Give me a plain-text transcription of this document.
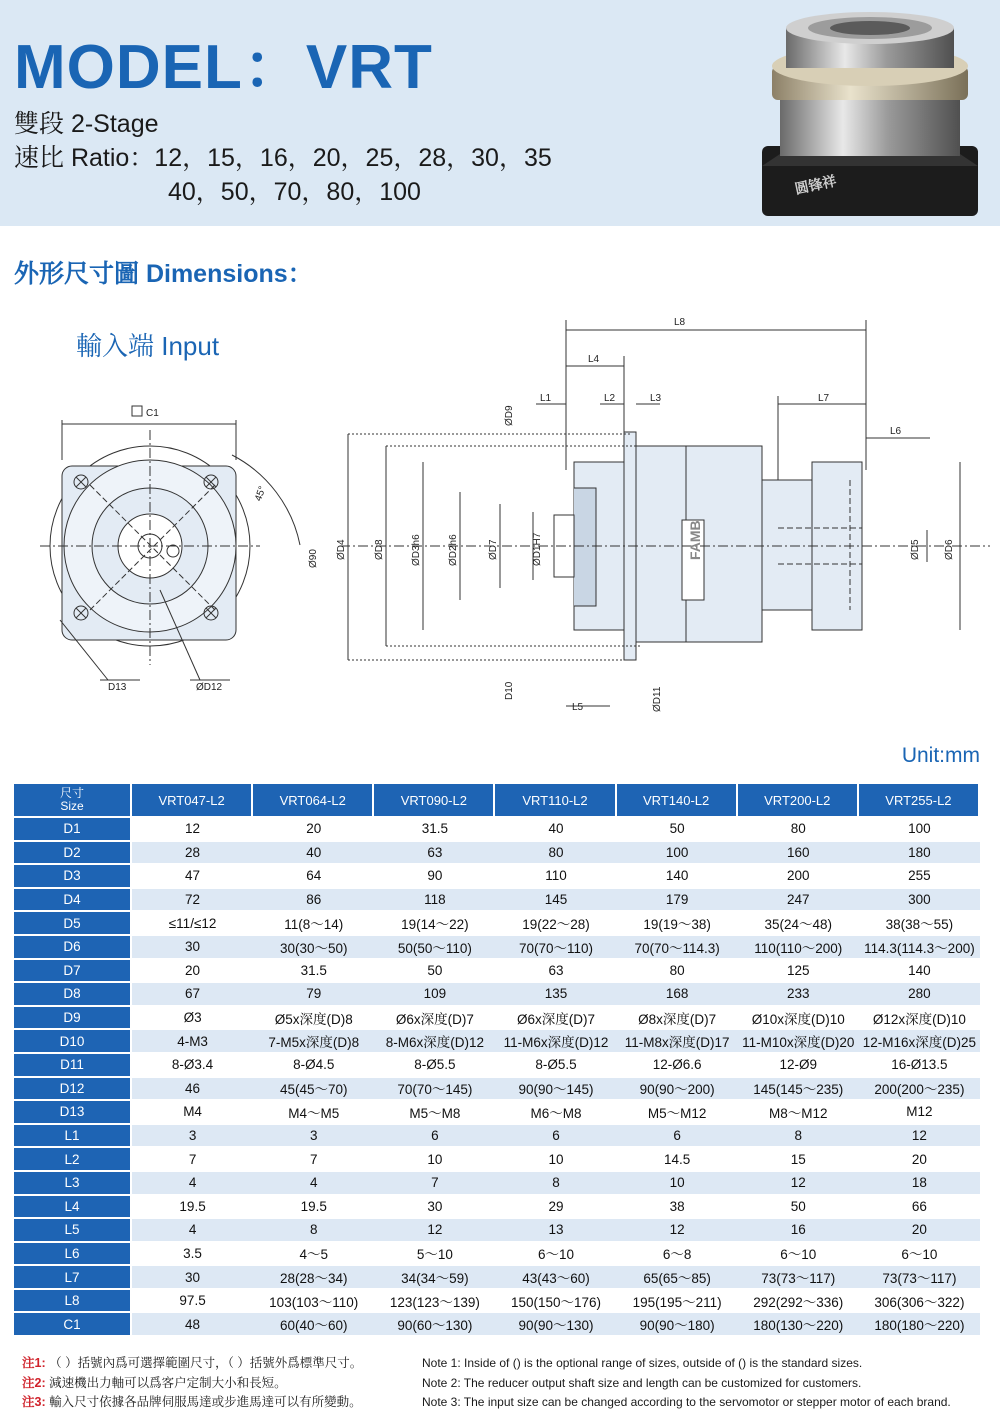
MODEL：VRT
雙段 2-Stage
速比 Ratio：12，15，16，20，25，28，30，35
40，50，70，80，100	圆锋祥
外形尺寸圖 Dimensions：
輸入端 Input
C1
D13	ØD12
45°
Ø90 ØD4	ØD8	ØD3h6	ØD2h6	ØD7	ØD1H7
ØD9
D10	ØD11
ØD5 ØD6
L1	L2	L3
L4
L5
L6
L7
L8
FAMB
Unit:mm
尺寸
Size	VRT047-L2	VRT064-L2	VRT090-L2	VRT110-L2	VRT140-L2	VRT200-L2	VRT255-L2
D1	12	20	31.5	40	50	80	100
D2	28	40	63	80	100	160	180
D3	47	64	90	110	140	200	255
D4	72	86	118	145	179	247	300
D5	≤11/≤12	11(8～14)	19(14～22)	19(22～28)	19(19～38)	35(24～48)	38(38～55)
D6	30	30(30～50)	50(50～110)	70(70～110)	70(70～114.3)	110(110～200)	114.3(114.3～200)
D7	20	31.5	50	63	80	125	140
D8	67	79	109	135	168	233	280
D9	Ø3	Ø5x深度(D)8	Ø6x深度(D)7	Ø6x深度(D)7	Ø8x深度(D)7	Ø10x深度(D)10	Ø12x深度(D)10
D10	4-M3	7-M5x深度(D)8	8-M6x深度(D)12	11-M6x深度(D)12	11-M8x深度(D)17	11-M10x深度(D)20	12-M16x深度(D)25
D11	8-Ø3.4	8-Ø4.5	8-Ø5.5	8-Ø5.5	12-Ø6.6	12-Ø9	16-Ø13.5
D12	46	45(45～70)	70(70～145)	90(90～145)	90(90～200)	145(145～235)	200(200～235)
D13	M4	M4～M5	M5～M8	M6～M8	M5～M12	M8～M12	M12
L1	3	3	6	6	6	8	12
L2	7	7	10	10	14.5	15	20
L3	4	4	7	8	10	12	18
L4	19.5	19.5	30	29	38	50	66
L5	4	8	12	13	12	16	20
L6	3.5	4～5	5～10	6～10	6～8	6～10	6～10
L7	30	28(28～34)	34(34～59)	43(43～60)	65(65～85)	73(73～117)	73(73～117)
L8	97.5	103(103～110)	123(123～139)	150(150～176)	195(195～211)	292(292～336)	306(306～322)
C1	48	60(40～60)	90(60～130)	90(90～130)	90(90～180)	180(130～220)	180(180～220)
注1: （ ）括號內爲可選擇範圍尺寸，（ ）括號外爲標準尺寸。
注2: 減速機出力軸可以爲客户定制大小和長短。
注3: 輸入尺寸依據各品牌伺服馬達或步進馬達可以有所變動。
Note 1: Inside of () is the optional range of sizes, outside of () is the standard sizes.
Note 2: The reducer output shaft size and length can be customized for customers.
Note 3: The input size can be changed according to the servomotor or stepper motor of each brand.
